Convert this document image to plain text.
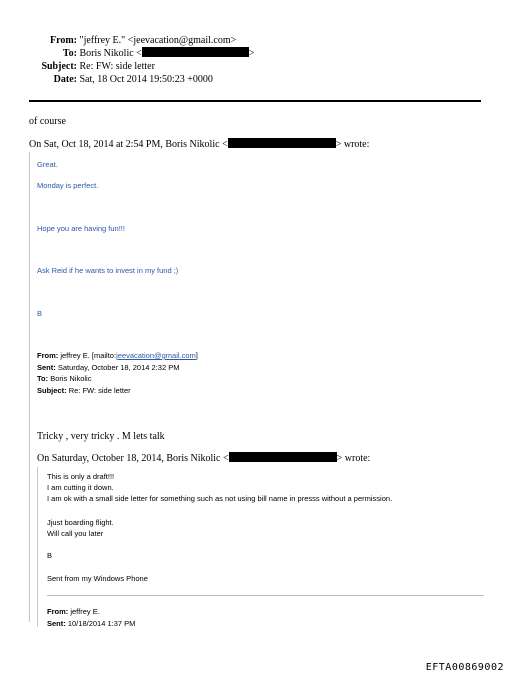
From: "jeffrey E." <jeevacation@gmail.com>
To: Boris Nikolic <	>
Subject: Re: FW: side letter
Date: Sat, 18 Oct 2014 19:50:23 +0000
of course
On Sat, Oct 18, 2014 at 2:54 PM, Boris Nikolic <	> wrote:
Great.
Monday is perfect.
Hope you are having fun!!!
Ask Reid if he wants to invest in my fund ;)
B
From: jeffrey E. [mailto:jeevacation@gmail.com]
Sent: Saturday, October 18, 2014 2:32 PM
To: Boris Nikolic
Subject: Re: FW: side letter
Tricky , very tricky . M lets talk
On Saturday, October 18, 2014, Boris Nikolic <	> wrote:
This is only a draft!!!
I am cutting it down.
I am ok with a small side letter for something such as not using bill name in presss without a permission.
Jjust boarding flight.
Will call you later
B
Sent from my Windows Phone
From: jeffrey E.
Sent: 10/18/2014 1:37 PM
EFTA00869002
